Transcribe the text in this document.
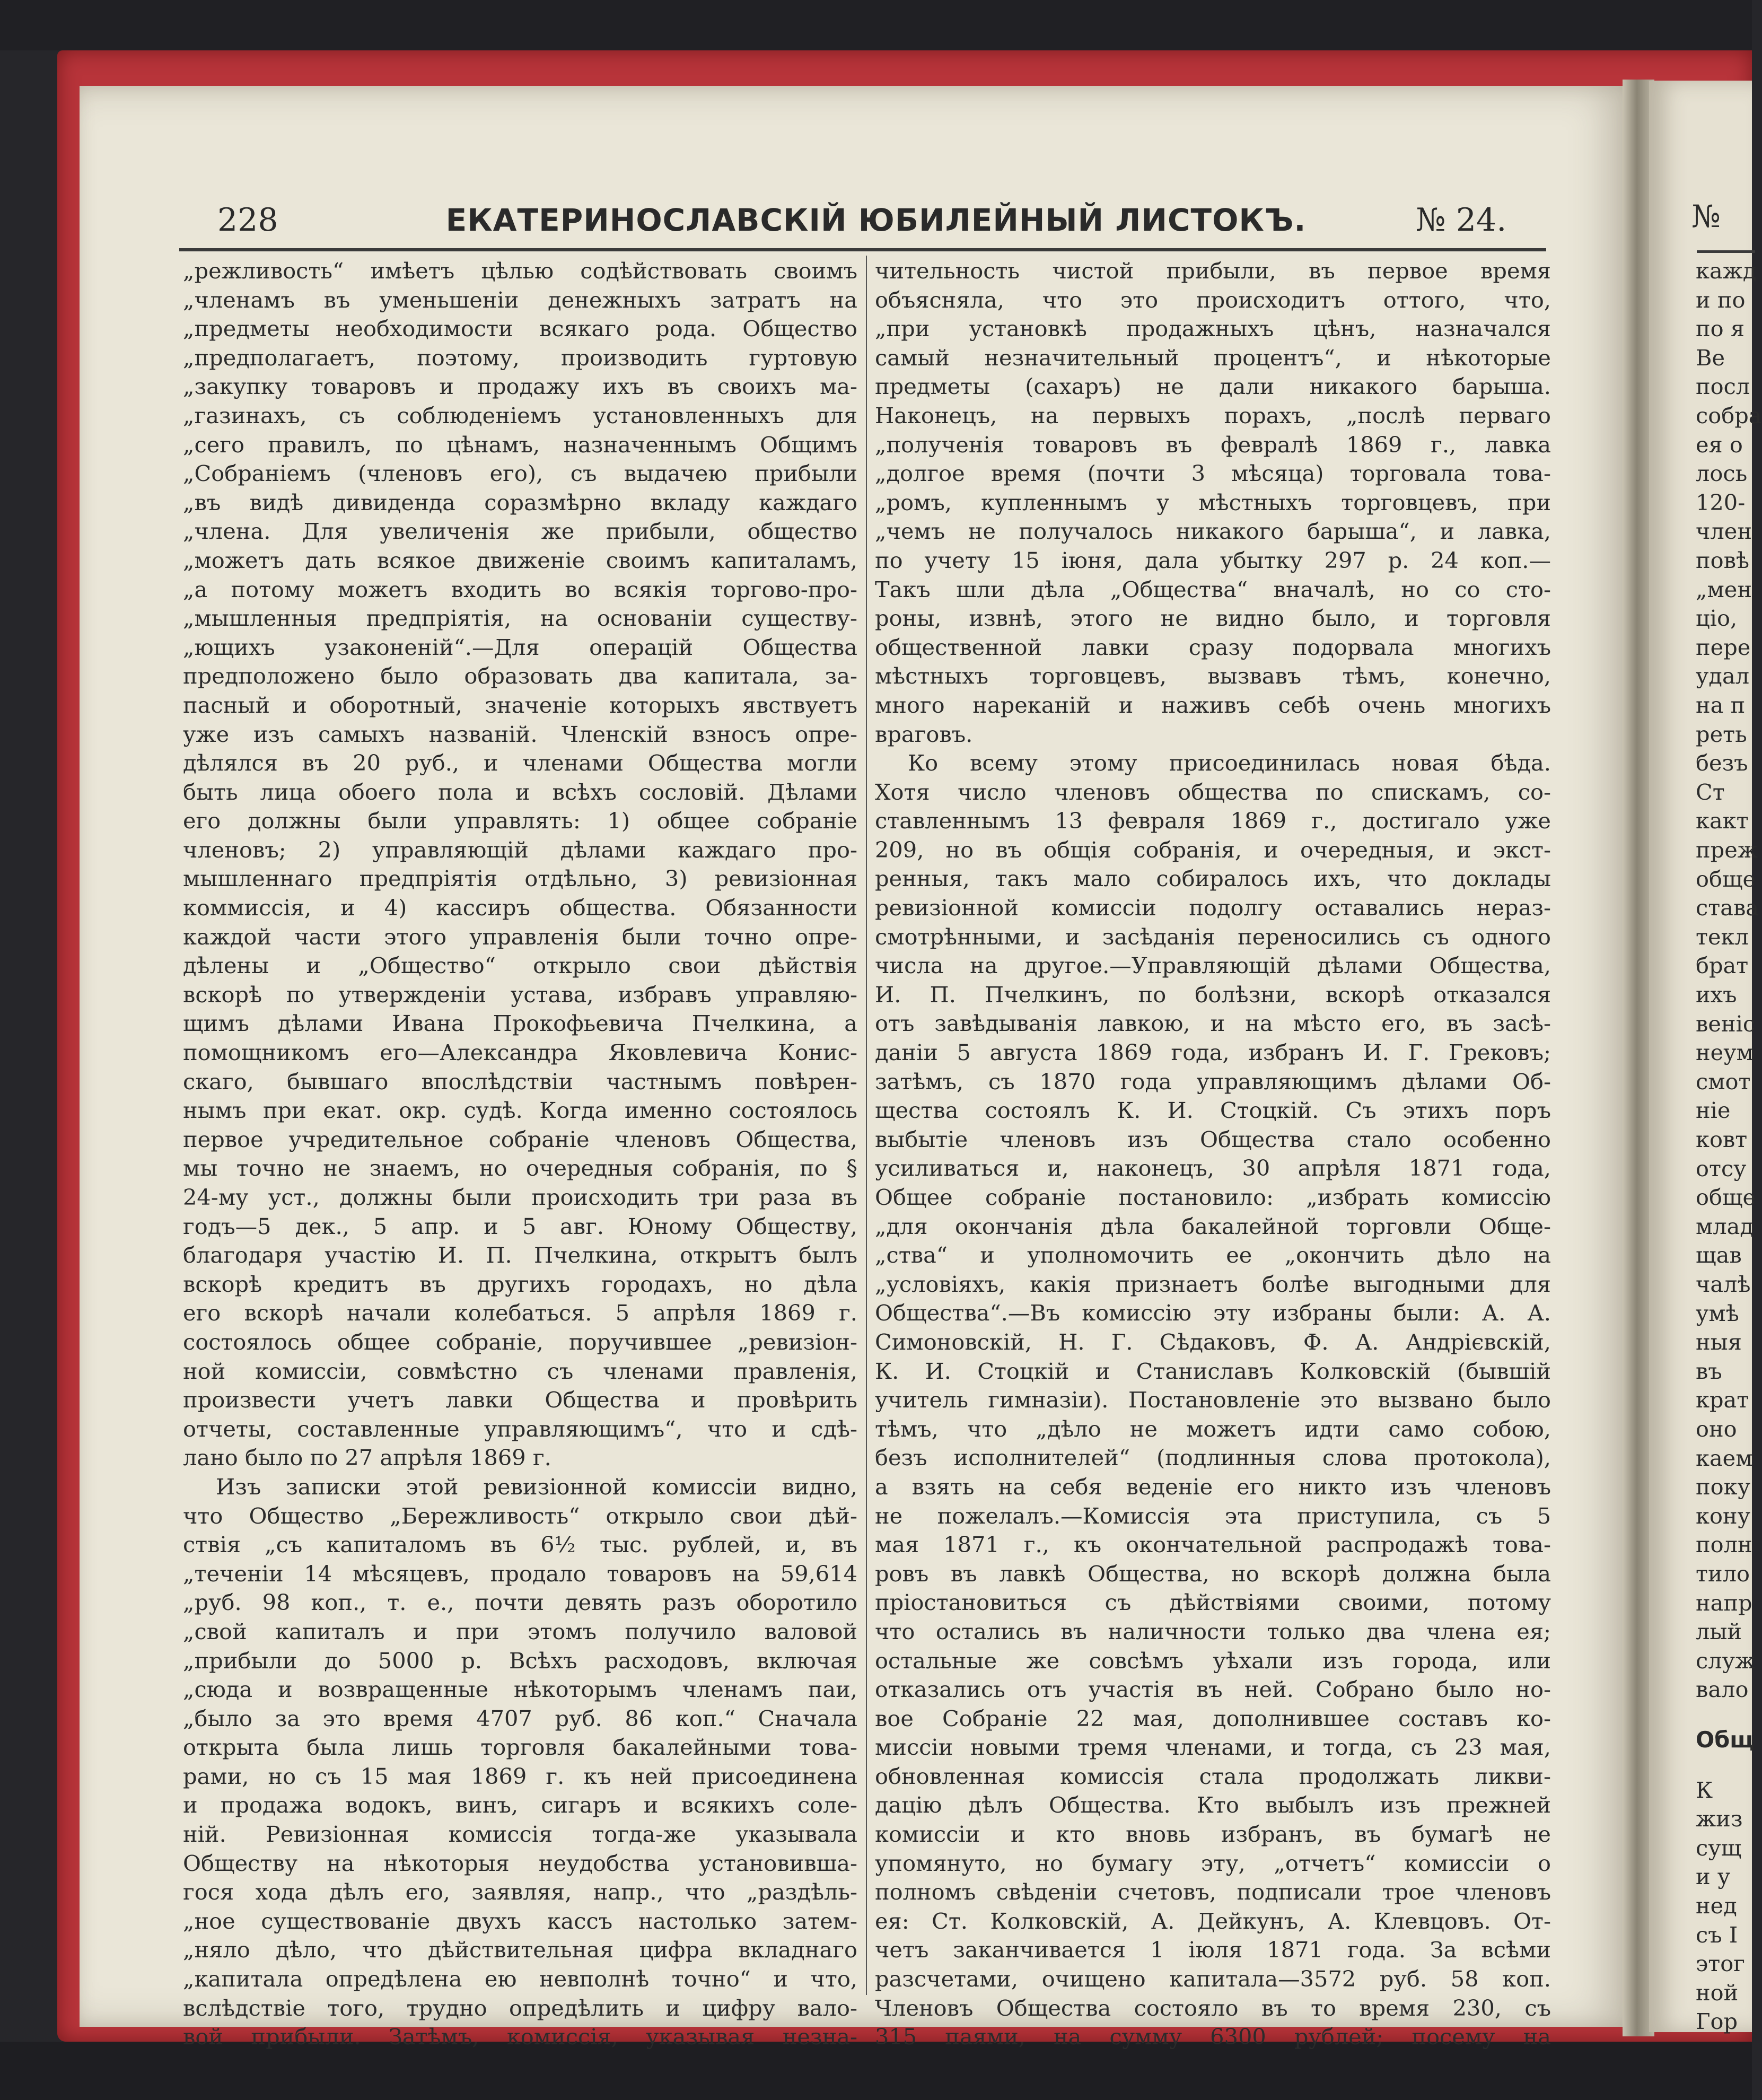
№
кажд
и по
по я
Ве
посл
собра
ея о
лось
120-
член
повѣ
„мен
ціо,
пере
удал
на п
реть
безъ
Ст
какт
преж
обще
става
текл
брат
ихъ
веніс
неум
смот
ніе
ковт
отсу
обще
млад
щав
чалѣ
умѣ
ныя
въ
крат
оно
каем
поку
кону
полн
тило
напр
лый
служ
вало
Общ
К
жиз
сущ
и у
нед
съ І
этог
ной
Гор
228	ЕКАТЕРИНОСЛАВСКІЙ ЮБИЛЕЙНЫЙ ЛИСТОКЪ.	№ 24.
„режливость“ имѣетъ цѣлью содѣйствовать своимъ
„членамъ въ уменьшеніи денежныхъ затратъ на
„предметы необходимости всякаго рода. Общество
„предполагаетъ, поэтому, производить гуртовую
„закупку товаровъ и продажу ихъ въ своихъ ма-
„газинахъ, съ соблюденіемъ установленныхъ для
„сего правилъ, по цѣнамъ, назначеннымъ Общимъ
„Собраніемъ (членовъ его), съ выдачею прибыли
„въ видѣ дивиденда соразмѣрно вкладу каждаго
„члена. Для увеличенія же прибыли, общество
„можетъ дать всякое движеніе своимъ капиталамъ,
„а потому можетъ входить во всякія торгово-про-
„мышленныя предпріятія, на основаніи существу-
„ющихъ узаконеній“.—Для операцій Общества
предположено было образовать два капитала, за-
пасный и оборотный, значеніе которыхъ явствуетъ
уже изъ самыхъ названій. Членскій взносъ опре-
дѣлялся въ 20 руб., и членами Общества могли
быть лица обоего пола и всѣхъ сословій. Дѣлами
его должны были управлять: 1) общее собраніе
членовъ; 2) управляющій дѣлами каждаго про-
мышленнаго предпріятія отдѣльно, 3) ревизіонная
коммиссія, и 4) кассиръ общества. Обязанности
каждой части этого управленія были точно опре-
дѣлены и „Общество“ открыло свои дѣйствія
вскорѣ по утвержденіи устава, избравъ управляю-
щимъ дѣлами Ивана Прокофьевича Пчелкина, а
помощникомъ его—Александра Яковлевича Конис-
скаго, бывшаго впослѣдствіи частнымъ повѣрен-
нымъ при екат. окр. судѣ. Когда именно состоялось
первое учредительное собраніе членовъ Общества,
мы точно не знаемъ, но очередныя собранія, по §
24-му уст., должны были происходить три раза въ
годъ—5 дек., 5 апр. и 5 авг. Юному Обществу,
благодаря участію И. П. Пчелкина, открытъ былъ
вскорѣ кредитъ въ другихъ городахъ, но дѣла
его вскорѣ начали колебаться. 5 апрѣля 1869 г.
состоялось общее собраніе, поручившее „ревизіон-
ной комиссіи, совмѣстно съ членами правленія,
произвести учетъ лавки Общества и провѣрить
отчеты, составленные управляющимъ“, что и сдѣ-
лано было по 27 апрѣля 1869 г.
Изъ записки этой ревизіонной комиссіи видно,
что Общество „Бережливость“ открыло свои дѣй-
ствія „съ капиталомъ въ 6½ тыс. рублей, и, въ
„теченіи 14 мѣсяцевъ, продало товаровъ на 59,614
„руб. 98 коп., т. е., почти девять разъ оборотило
„свой капиталъ и при этомъ получило валовой
„прибыли до 5000 р. Всѣхъ расходовъ, включая
„сюда и возвращенные нѣкоторымъ членамъ паи,
„было за это время 4707 руб. 86 коп.“ Сначала
открыта была лишь торговля бакалейными това-
рами, но съ 15 мая 1869 г. къ ней присоединена
и продажа водокъ, винъ, сигаръ и всякихъ соле-
ній. Ревизіонная комиссія тогда-же указывала
Обществу на нѣкоторыя неудобства установивша-
гося хода дѣлъ его, заявляя, напр., что „раздѣль-
„ное существованіе двухъ кассъ настолько затем-
„няло дѣло, что дѣйствительная цифра вкладнаго
„капитала опредѣлена ею невполнѣ точно“ и что,
вслѣдствіе того, трудно опредѣлить и цифру вало-
вой прибыли. Затѣмъ, комиссія, указывая незна-
чительность чистой прибыли, въ первое время
объясняла, что это происходитъ оттого, что,
„при установкѣ продажныхъ цѣнъ, назначался
самый незначительный процентъ“, и нѣкоторые
предметы (сахаръ) не дали никакого барыша.
Наконецъ, на первыхъ порахъ, „послѣ перваго
„полученія товаровъ въ февралѣ 1869 г., лавка
„долгое время (почти 3 мѣсяца) торговала това-
„ромъ, купленнымъ у мѣстныхъ торговцевъ, при
„чемъ не получалось никакого барыша“, и лавка,
по учету 15 іюня, дала убытку 297 р. 24 коп.—
Такъ шли дѣла „Общества“ вначалѣ, но со сто-
роны, извнѣ, этого не видно было, и торговля
общественной лавки сразу подорвала многихъ
мѣстныхъ торговцевъ, вызвавъ тѣмъ, конечно,
много нареканій и наживъ себѣ очень многихъ
враговъ.
Ко всему этому присоединилась новая бѣда.
Хотя число членовъ общества по спискамъ, со-
ставленнымъ 13 февраля 1869 г., достигало уже
209, но въ общія собранія, и очередныя, и экст-
ренныя, такъ мало собиралось ихъ, что доклады
ревизіонной комиссіи подолгу оставались нераз-
смотрѣнными, и засѣданія переносились съ одного
числа на другое.—Управляющій дѣлами Общества,
И. П. Пчелкинъ, по болѣзни, вскорѣ отказался
отъ завѣдыванія лавкою, и на мѣсто его, въ засѣ-
даніи 5 августа 1869 года, избранъ И. Г. Грековъ;
затѣмъ, съ 1870 года управляющимъ дѣлами Об-
щества состоялъ К. И. Стоцкій. Съ этихъ поръ
выбытіе членовъ изъ Общества стало особенно
усиливаться и, наконецъ, 30 апрѣля 1871 года,
Общее собраніе постановило: „избрать комиссію
„для окончанія дѣла бакалейной торговли Обще-
„ства“ и уполномочить ее „окончить дѣло на
„условіяхъ, какія признаетъ болѣе выгодными для
Общества“.—Въ комиссію эту избраны были: А. А.
Симоновскій, Н. Г. Сѣдаковъ, Ф. А. Андрієвскій,
К. И. Стоцкій и Станиславъ Колковскій (бывшій
учитель гимназіи). Постановленіе это вызвано было
тѣмъ, что „дѣло не можетъ идти само собою,
безъ исполнителей“ (подлинныя слова протокола),
а взять на себя веденіе его никто изъ членовъ
не пожелалъ.—Комиссія эта приступила, съ 5
мая 1871 г., къ окончательной распродажѣ това-
ровъ въ лавкѣ Общества, но вскорѣ должна была
пріостановиться съ дѣйствіями своими, потому
что остались въ наличности только два члена ея;
остальные же совсѣмъ уѣхали изъ города, или
отказались отъ участія въ ней. Собрано было но-
вое Собраніе 22 мая, дополнившее составъ ко-
миссіи новыми тремя членами, и тогда, съ 23 мая,
обновленная комиссія стала продолжать ликви-
дацію дѣлъ Общества. Кто выбылъ изъ прежней
комиссіи и кто вновь избранъ, въ бумагѣ не
упомянуто, но бумагу эту, „отчетъ“ комиссіи о
полномъ свѣденіи счетовъ, подписали трое членовъ
ея: Ст. Колковскій, А. Дейкунъ, А. Клевцовъ. От-
четъ заканчивается 1 іюля 1871 года. За всѣми
разсчетами, очищено капитала—3572 руб. 58 коп.
Членовъ Общества состояло въ то время 230, съ
315 паями, на сумму 6300 рублей; посему на
